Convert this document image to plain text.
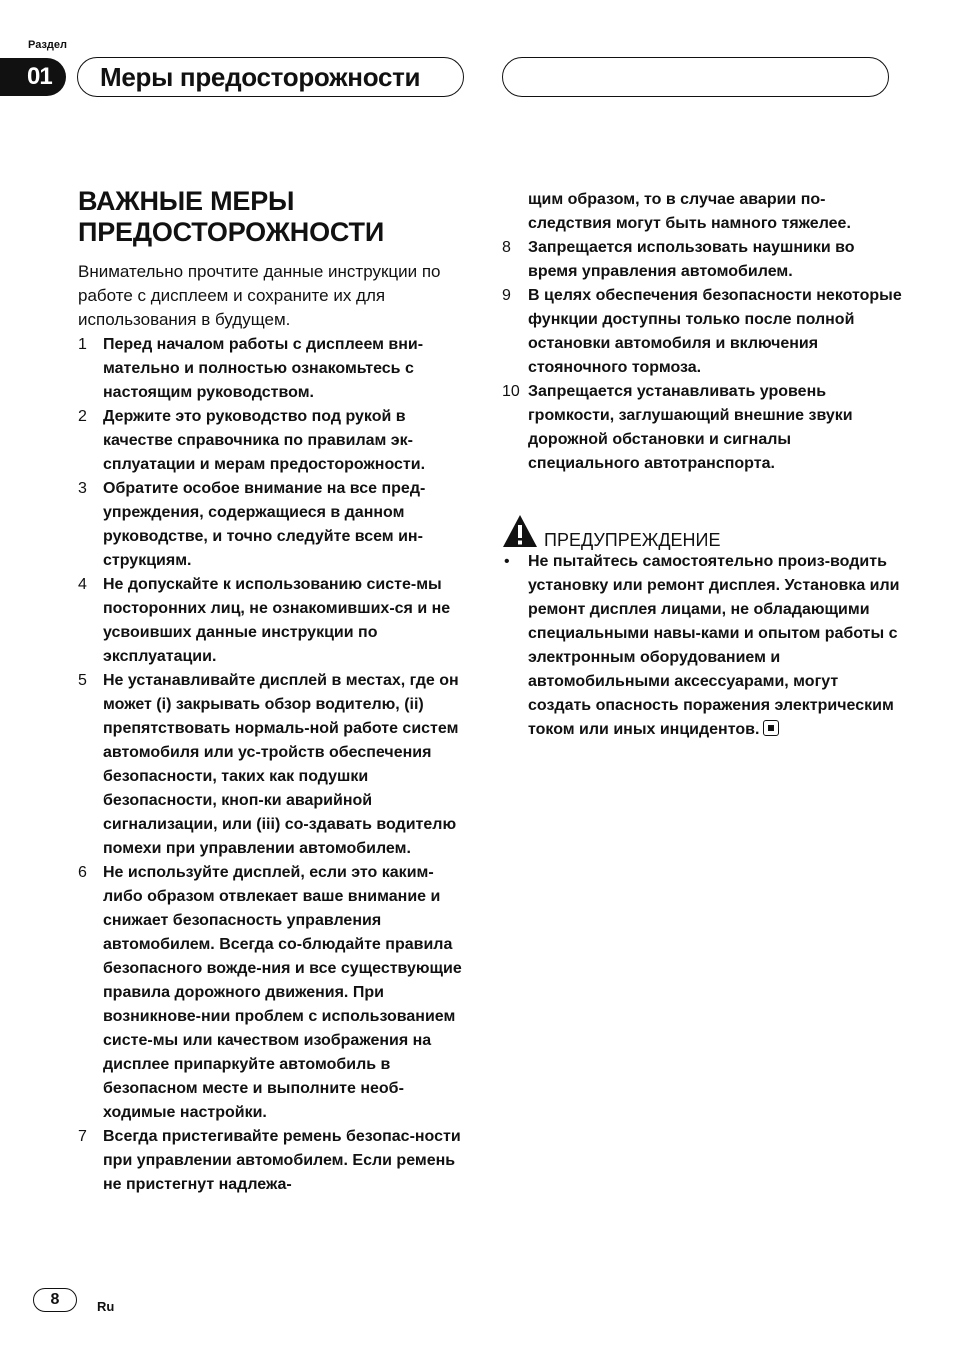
Раздел
01	Меры предосторожности
ВАЖНЫЕ МЕРЫ
ПРЕДОСТОРОЖНОСТИ

Внимательно прочтите данные инструкции по работе с дисплеем и сохраните их для использования в будущем.

1	Перед началом работы с дисплеем вни-мательно и полностью ознакомьтесь с настоящим руководством.
2	Держите это руководство под рукой в качестве справочника по правилам эк-сплуатации и мерам предосторожности.
3	Обратите особое внимание на все пред-упреждения, содержащиеся в данном руководстве, и точно следуйте всем ин-струкциям.
4	Не допускайте к использованию систе-мы посторонних лиц, не ознакомивших-ся и не усвоивших данные инструкции по эксплуатации.
5	Не устанавливайте дисплей в местах, где он может (i) закрывать обзор водителю, (ii) препятствовать нормаль-ной работе систем автомобиля или ус-тройств обеспечения безопасности, таких как подушки безопасности, кноп-ки аварийной сигнализации, или (iii) со-здавать водителю помехи при управлении автомобилем.
6	Не используйте дисплей, если это каким-либо образом отвлекает ваше внимание и снижает безопасность управления автомобилем. Всегда со-блюдайте правила безопасного вожде-ния и все существующие правила дорожного движения. При возникнове-нии проблем с использованием систе-мы или качеством изображения на дисплее припаркуйте автомобиль в безопасном месте и выполните необ-ходимые настройки.
7	Всегда пристегивайте ремень безопас-ности при управлении автомобилем. Если ремень не пристегнут надлежа-
щим образом, то в случае аварии по-следствия могут быть намного тяжелее.
8	Запрещается использовать наушники во время управления автомобилем.
9	В целях обеспечения безопасности некоторые функции доступны только после полной остановки автомобиля и включения стояночного тормоза.
10 Запрещается устанавливать уровень громкости, заглушающий внешние звуки дорожной обстановки и сигналы специального автотранспорта.
ПРЕДУПРЕЖДЕНИЕ
•	Не пытайтесь самостоятельно произ-водить установку или ремонт дисплея. Установка или ремонт дисплея лицами, не обладающими специальными навы-ками и опытом работы с электронным оборудованием и автомобильными аксессуарами, могут создать опасность поражения электрическим током или иных инцидентов.
8	Ru
